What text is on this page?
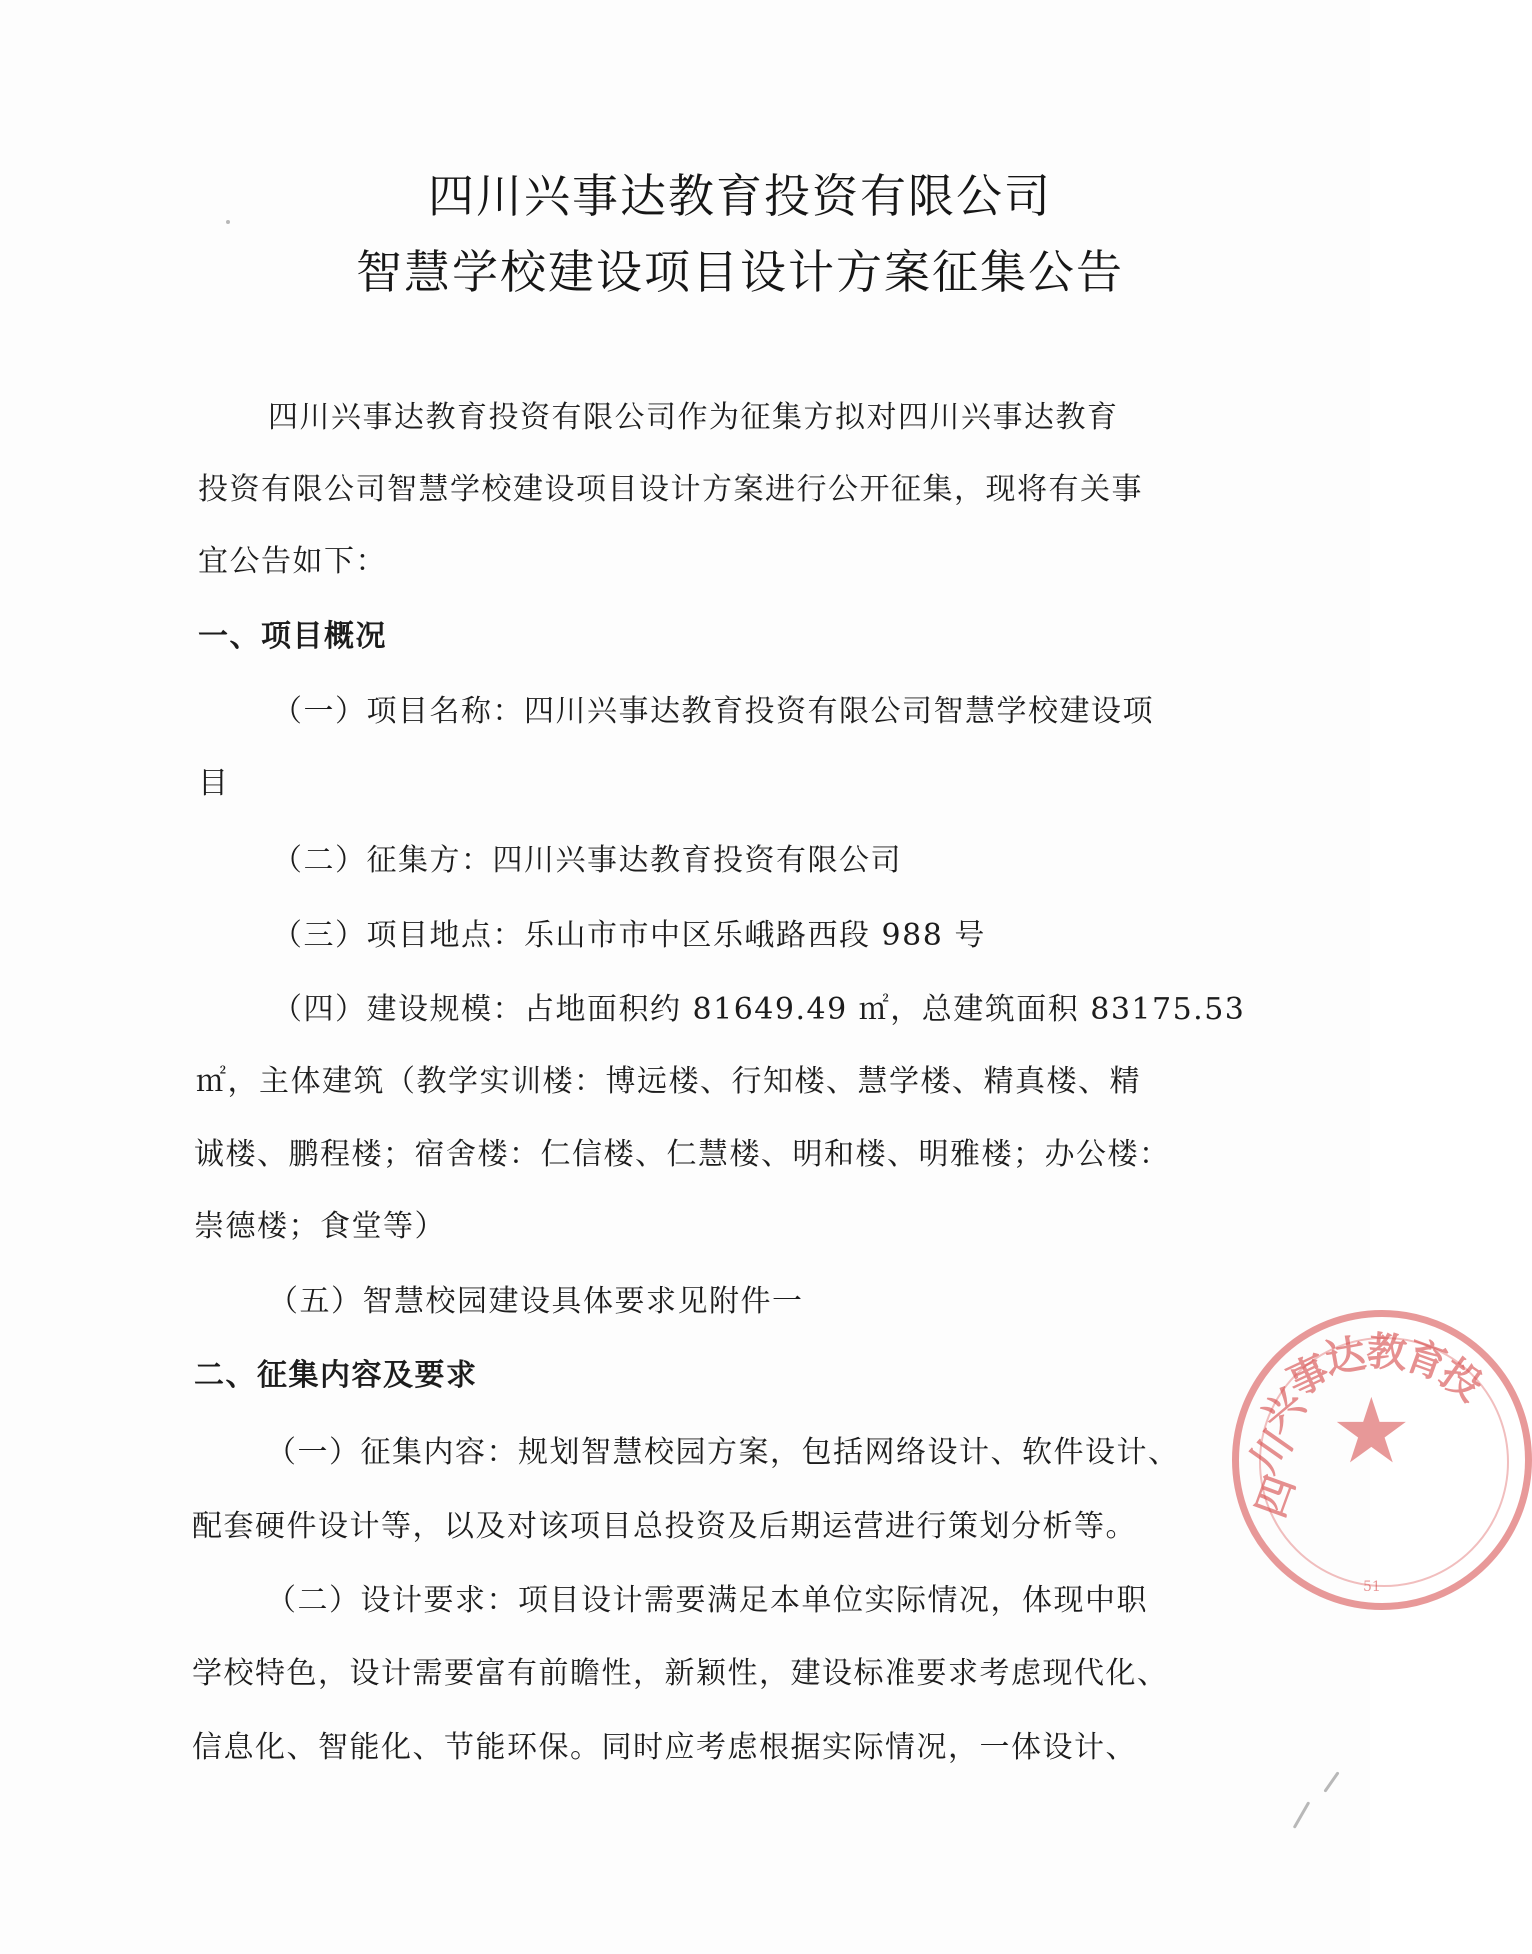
四川兴事达教育投资有限公司
智慧学校建设项目设计方案征集公告
四川兴事达教育投资有限公司作为征集方拟对四川兴事达教育
投资有限公司智慧学校建设项目设计方案进行公开征集，现将有关事
宜公告如下：
一、项目概况
（一）项目名称：四川兴事达教育投资有限公司智慧学校建设项
目
（二）征集方：四川兴事达教育投资有限公司
（三）项目地点：乐山市市中区乐峨路西段 988 号
（四）建设规模：占地面积约 81649.49 ㎡，总建筑面积 83175.53
㎡，主体建筑（教学实训楼：博远楼、行知楼、慧学楼、精真楼、精
诚楼、鹏程楼；宿舍楼：仁信楼、仁慧楼、明和楼、明雅楼；办公楼：
崇德楼；食堂等）
（五）智慧校园建设具体要求见附件一
二、征集内容及要求
（一）征集内容：规划智慧校园方案，包括网络设计、软件设计、
配套硬件设计等，以及对该项目总投资及后期运营进行策划分析等。
（二）设计要求：项目设计需要满足本单位实际情况，体现中职
学校特色，设计需要富有前瞻性，新颖性，建设标准要求考虑现代化、
信息化、智能化、节能环保。同时应考虑根据实际情况，一体设计、
★
四
川
兴
事
达
教
育
投
51
